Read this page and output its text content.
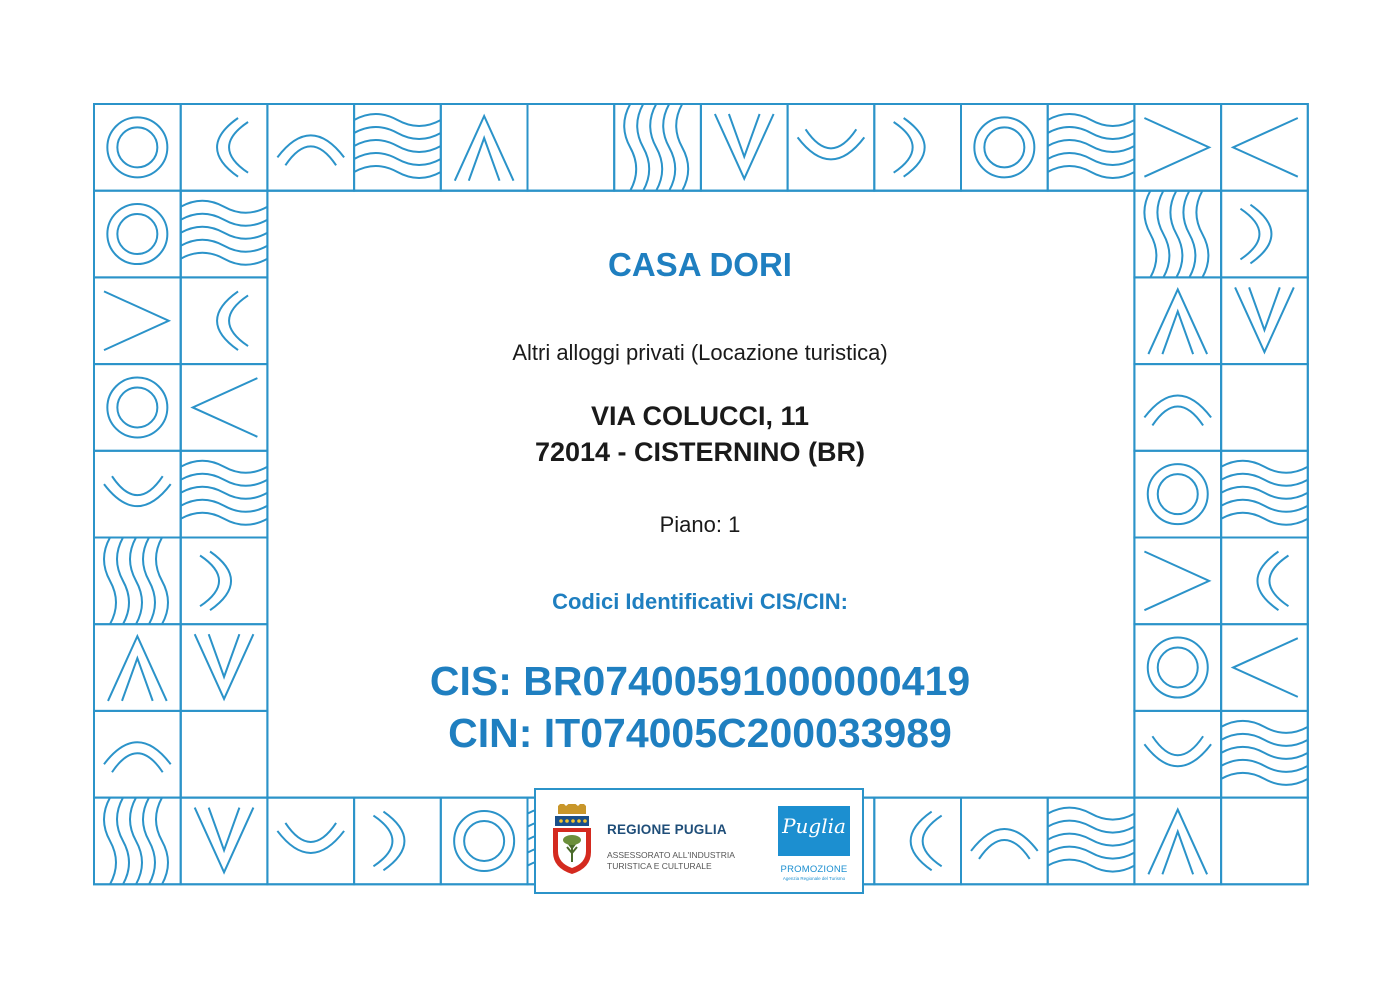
CASA DORI
Altri alloggi privati (Locazione turistica)
VIA COLUCCI, 11
72014 - CISTERNINO (BR)
Piano: 1
Codici Identificativi CIS/CIN:
CIS: BR07400591000000419
CIN: IT074005C200033989
REGIONE PUGLIA
ASSESSORATO ALL'INDUSTRIA
TURISTICA E CULTURALE
Puglia
PROMOZIONE
Agenzia Regionale del Turismo
